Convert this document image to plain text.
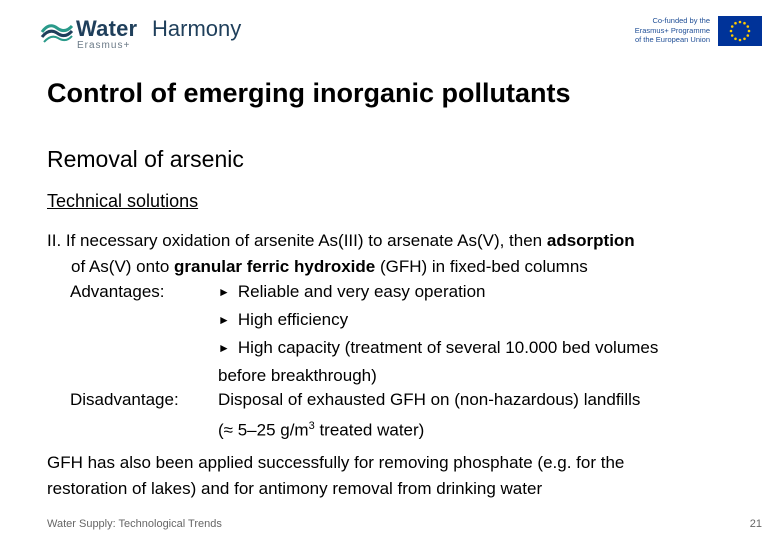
Water Harmony
Erasmus+
Co-funded by the
Erasmus+ Programme
of the European Union
Control of emerging inorganic pollutants
Removal of arsenic
Technical solutions
II. If necessary oxidation of arsenite As(III) to arsenate As(V), then adsorption
of As(V) onto granular ferric hydroxide (GFH) in fixed-bed columns
Advantages:	► Reliable and very easy operation
► High efficiency
► High capacity (treatment of several 10.000 bed volumes
before breakthrough)
Disadvantage: Disposal of exhausted GFH on (non-hazardous) landfills
(≈ 5–25 $g/m^3$ treated water)
GFH has also been applied successfully for removing phosphate (e.g. for the
restoration of lakes) and for antimony removal from drinking water
Water Supply: Technological Trends	21
